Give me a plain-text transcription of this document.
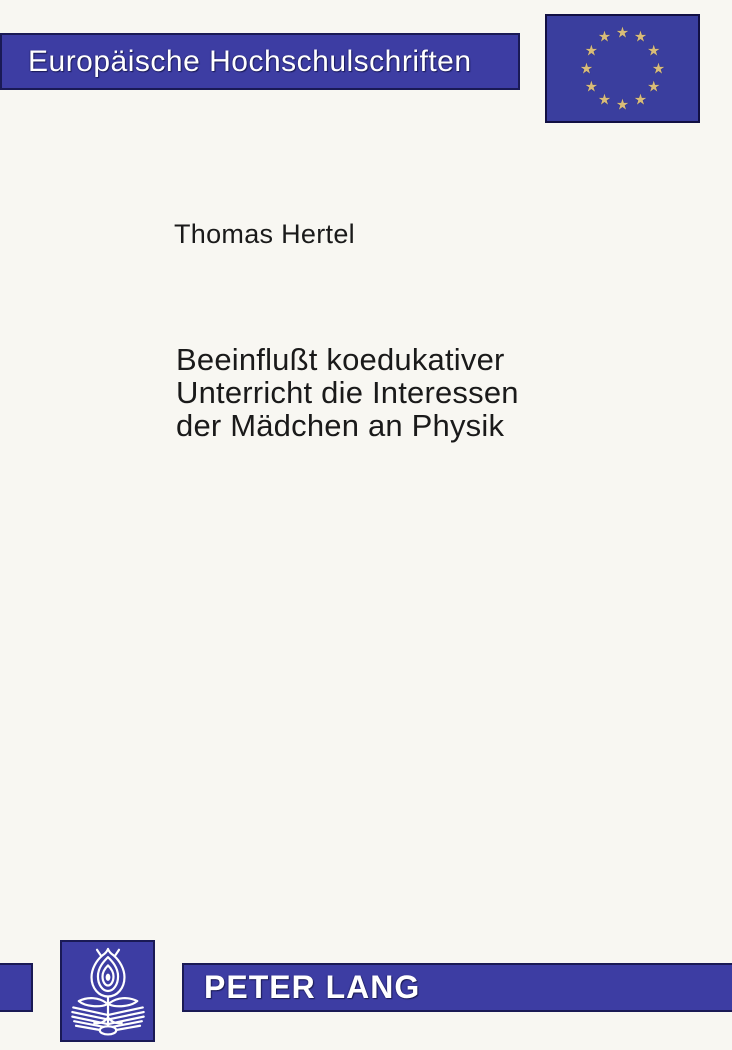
Europäische Hochschulschriften
★ ★
★
★
★
★
★
★
★
★
★
★
Thomas Hertel
Beeinflußt koedukativer
Unterricht die Interessen
der Mädchen an Physik
PETER LANG
